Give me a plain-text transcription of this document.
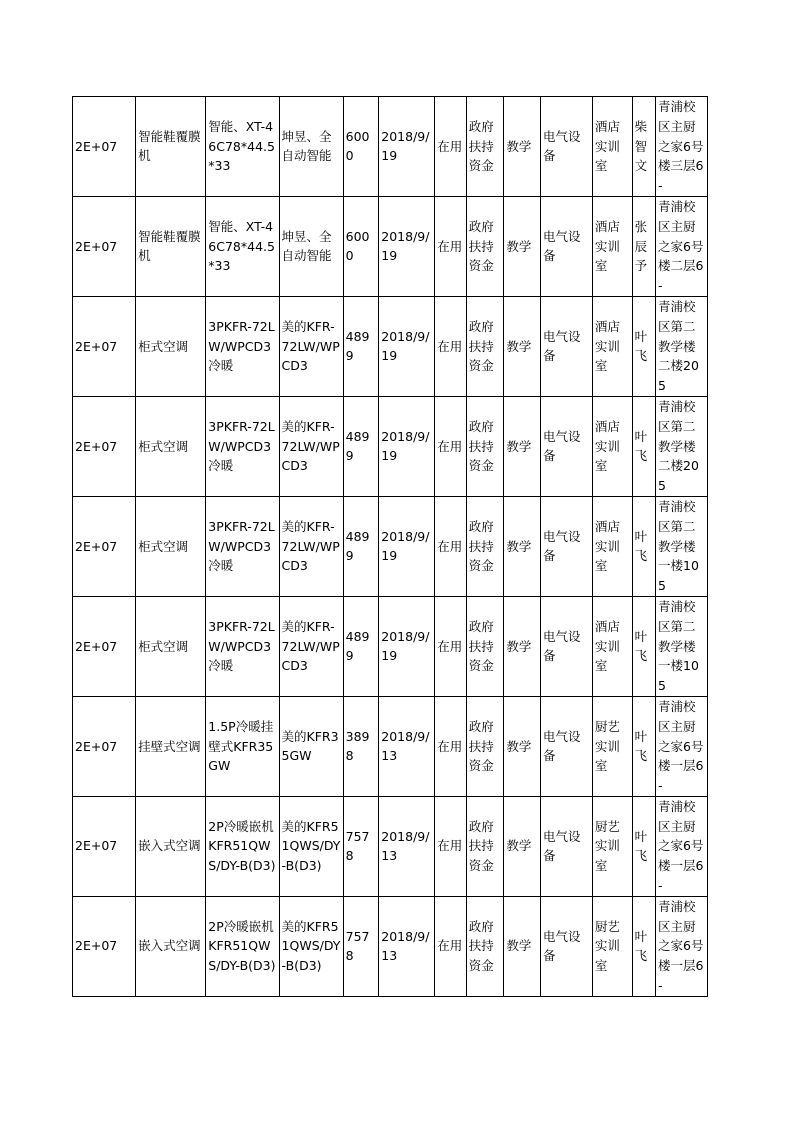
2E+07	智能鞋覆膜机	智能、XT-46C78*44.5*33	坤昱、全自动智能	6000	2018/9/19	在用	政府扶持资金	教学	电气设备	酒店实训室	柴智文	青浦校区主厨之家6号楼三层6-
2E+07	智能鞋覆膜机	智能、XT-46C78*44.5*33	坤昱、全自动智能	6000	2018/9/19	在用	政府扶持资金	教学	电气设备	酒店实训室	张辰予	青浦校区主厨之家6号楼二层6-
2E+07	柜式空调	3PKFR-72LW/WPCD3冷暖	美的KFR-72LW/WPCD3	4899	2018/9/19	在用	政府扶持资金	教学	电气设备	酒店实训室	叶飞	青浦校区第二教学楼二楼205
2E+07	柜式空调	3PKFR-72LW/WPCD3冷暖	美的KFR-72LW/WPCD3	4899	2018/9/19	在用	政府扶持资金	教学	电气设备	酒店实训室	叶飞	青浦校区第二教学楼二楼205
2E+07	柜式空调	3PKFR-72LW/WPCD3冷暖	美的KFR-72LW/WPCD3	4899	2018/9/19	在用	政府扶持资金	教学	电气设备	酒店实训室	叶飞	青浦校区第二教学楼一楼105
2E+07	柜式空调	3PKFR-72LW/WPCD3冷暖	美的KFR-72LW/WPCD3	4899	2018/9/19	在用	政府扶持资金	教学	电气设备	酒店实训室	叶飞	青浦校区第二教学楼一楼105
2E+07	挂壁式空调	1.5P冷暖挂壁式KFR35GW	美的KFR35GW	3898	2018/9/13	在用	政府扶持资金	教学	电气设备	厨艺实训室	叶飞	青浦校区主厨之家6号楼一层6-
2E+07	嵌入式空调	2P冷暖嵌机KFR51QWS/DY-B(D3)	美的KFR51QWS/DY-B(D3)	7578	2018/9/13	在用	政府扶持资金	教学	电气设备	厨艺实训室	叶飞	青浦校区主厨之家6号楼一层6-
2E+07	嵌入式空调	2P冷暖嵌机KFR51QWS/DY-B(D3)	美的KFR51QWS/DY-B(D3)	7578	2018/9/13	在用	政府扶持资金	教学	电气设备	厨艺实训室	叶飞	青浦校区主厨之家6号楼一层6-
